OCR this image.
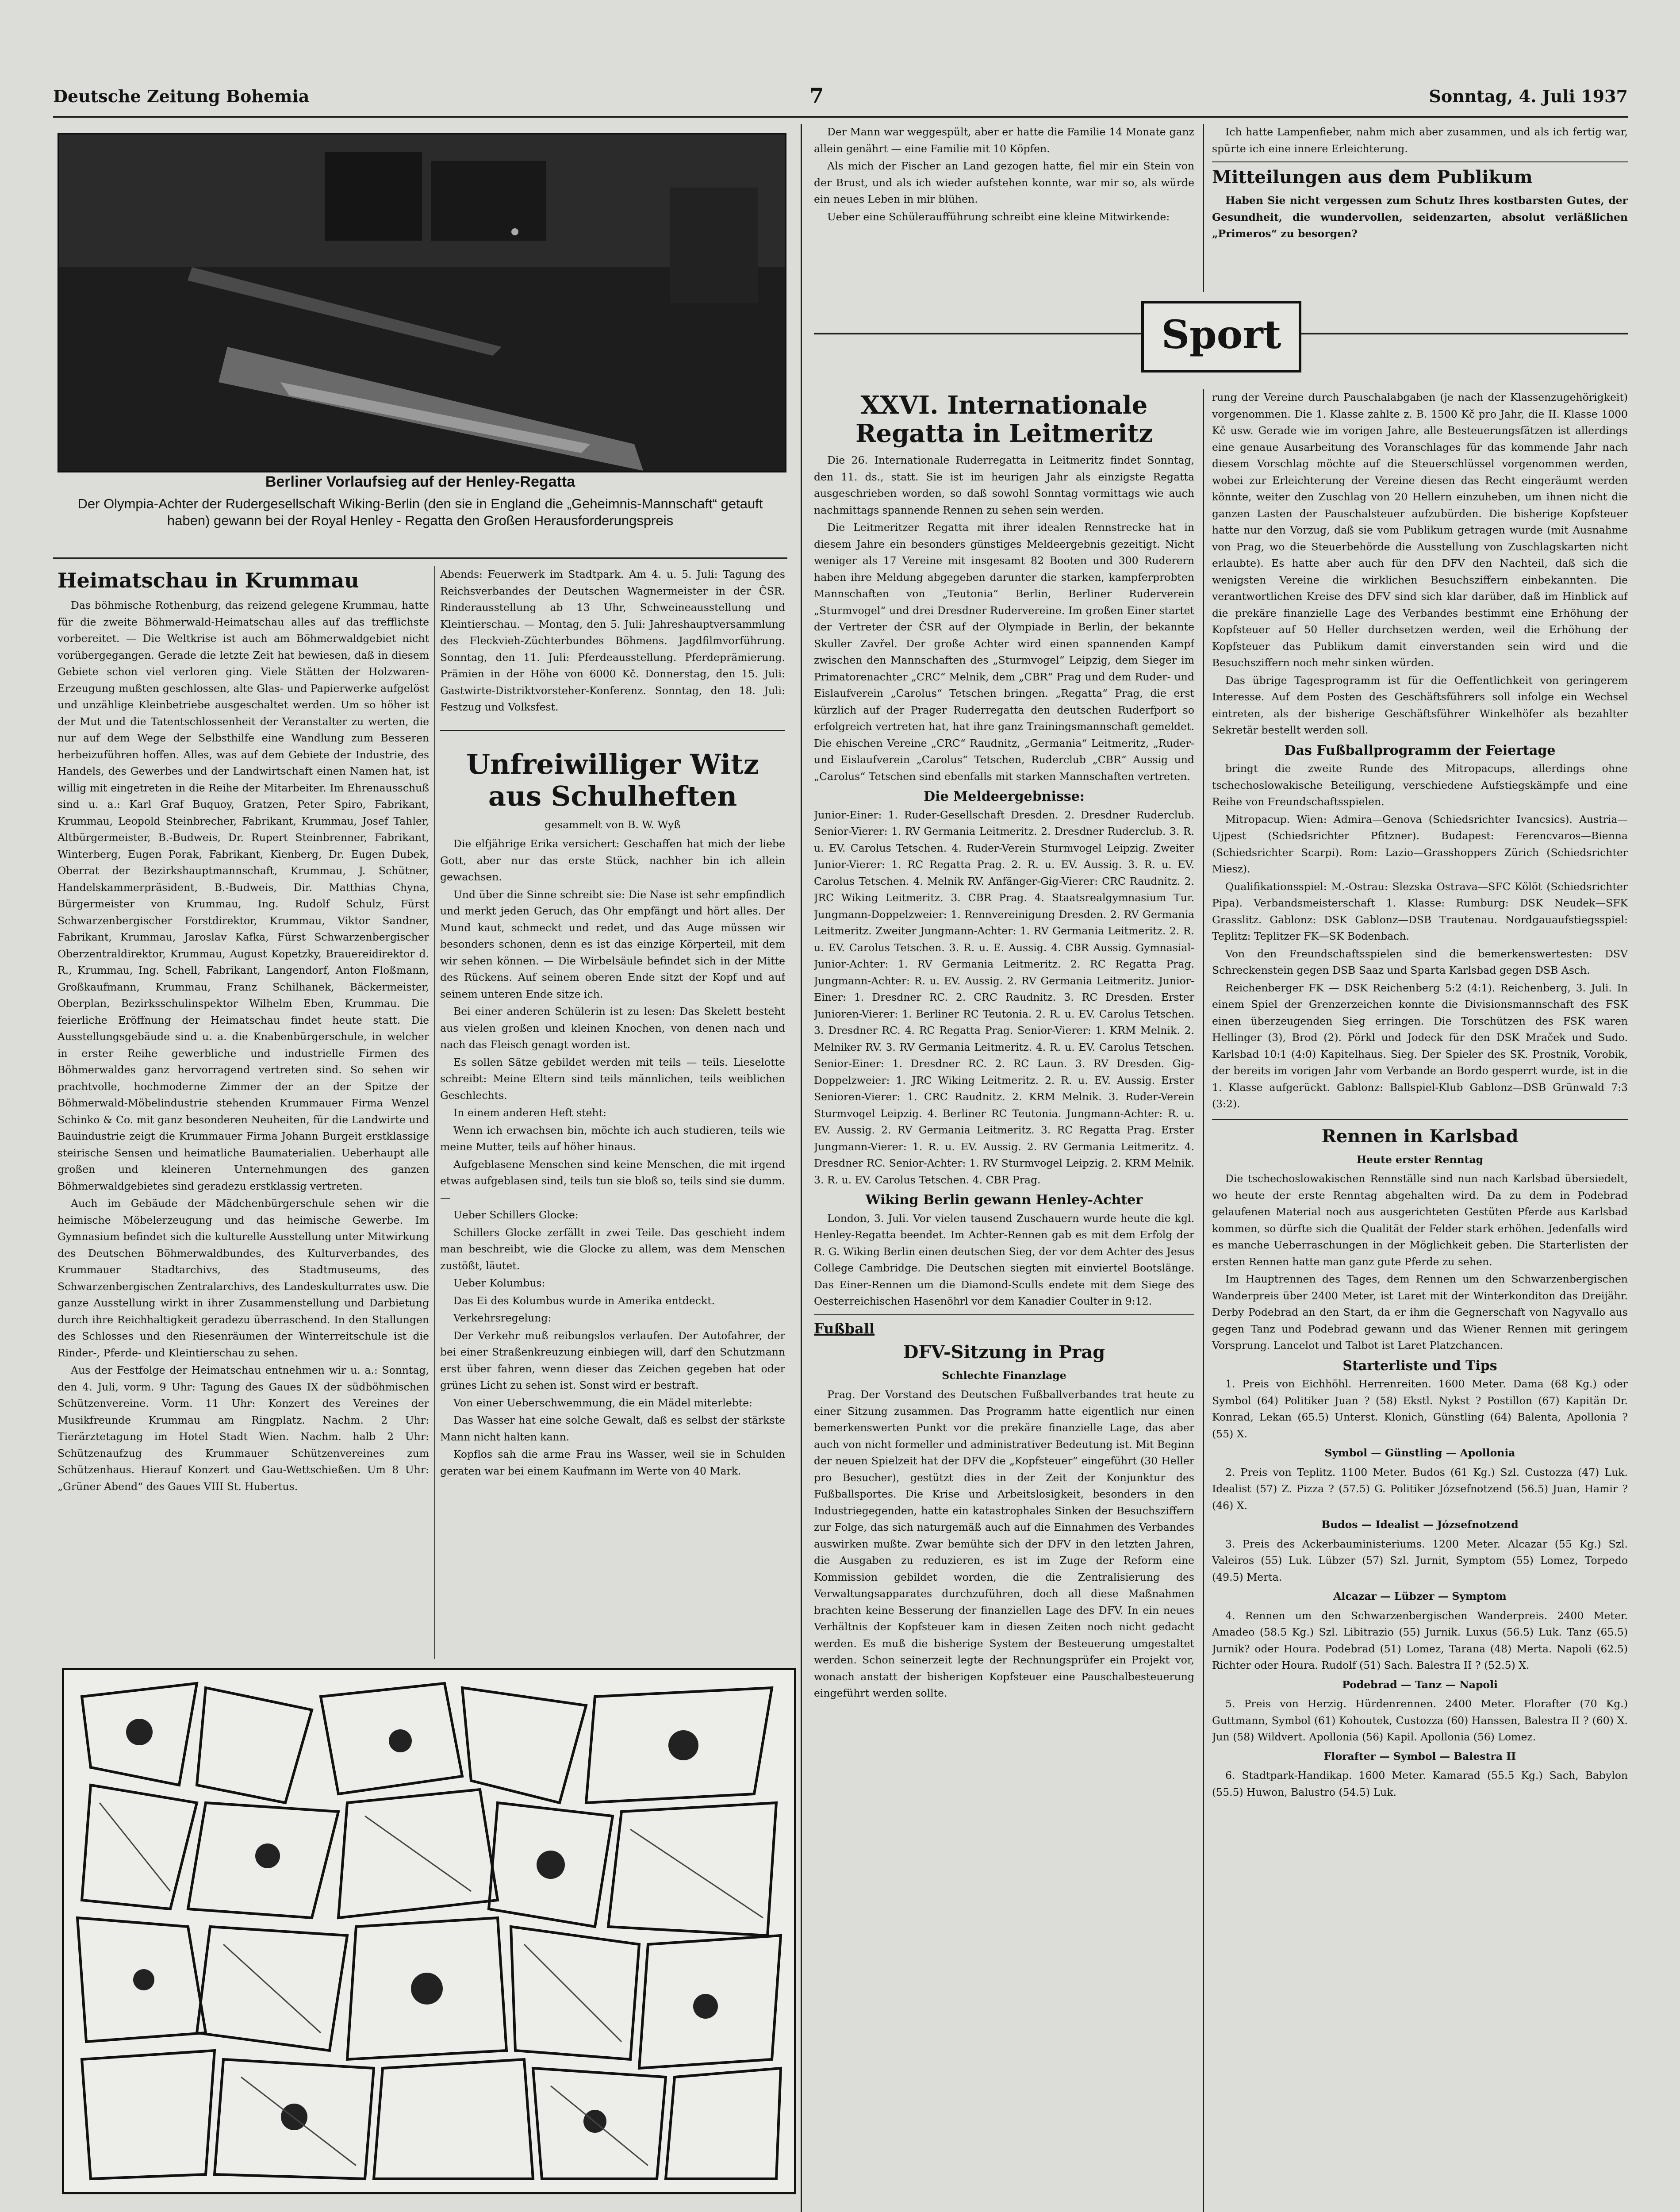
Deutsche Zeitung Bohemia	7	Sonntag, 4. Juli 1937
Berliner Vorlaufsieg auf der Henley-Regatta
Der Olympia-Achter der Rudergesellschaft Wiking-Berlin (den sie in England die „Geheimnis-Mannschaft“ getauft haben) gewann bei der Royal Henley - Regatta den Großen Herausforderungspreis
Heimatschau in Krummau

Das böhmische Rothenburg, das reizend gelegene Krummau, hatte für die zweite Böhmerwald-Heimatschau alles auf das trefflichste vorbereitet. — Die Weltkrise ist auch am Böhmerwaldgebiet nicht vorübergegangen. Gerade die letzte Zeit hat bewiesen, daß in diesem Gebiete schon viel verloren ging. Viele Stätten der Holzwaren-Erzeugung mußten geschlossen, alte Glas- und Papierwerke aufgelöst und unzählige Kleinbetriebe ausgeschaltet werden. Um so höher ist der Mut und die Tatentschlossenheit der Veranstalter zu werten, die nur auf dem Wege der Selbsthilfe eine Wandlung zum Besseren herbeizuführen hoffen. Alles, was auf dem Gebiete der Industrie, des Handels, des Gewerbes und der Landwirtschaft einen Namen hat, ist willig mit eingetreten in die Reihe der Mitarbeiter. Im Ehrenausschuß sind u. a.: Karl Graf Buquoy, Gratzen, Peter Spiro, Fabrikant, Krummau, Leopold Steinbrecher, Fabrikant, Krummau, Josef Tahler, Altbürgermeister, B.-Budweis, Dr. Rupert Steinbrenner, Fabrikant, Winterberg, Eugen Porak, Fabrikant, Kienberg, Dr. Eugen Dubek, Oberrat der Bezirkshauptmannschaft, Krummau, J. Schütner, Handelskammerpräsident, B.-Budweis, Dir. Matthias Chyna, Bürgermeister von Krummau, Ing. Rudolf Schulz, Fürst Schwarzenbergischer Forstdirektor, Krummau, Viktor Sandner, Fabrikant, Krummau, Jaroslav Kafka, Fürst Schwarzenbergischer Oberzentraldirektor, Krummau, August Kopetzky, Brauereidirektor d. R., Krummau, Ing. Schell, Fabrikant, Langendorf, Anton Floßmann, Großkaufmann, Krummau, Franz Schilhanek, Bäckermeister, Oberplan, Bezirksschulinspektor Wilhelm Eben, Krummau. Die feierliche Eröffnung der Heimatschau findet heute statt. Die Ausstellungsgebäude sind u. a. die Knabenbürgerschule, in welcher in erster Reihe gewerbliche und industrielle Firmen des Böhmerwaldes ganz hervorragend vertreten sind. So sehen wir prachtvolle, hochmoderne Zimmer der an der Spitze der Böhmerwald-Möbelindustrie stehenden Krummauer Firma Wenzel Schinko & Co. mit ganz besonderen Neuheiten, für die Landwirte und Bauindustrie zeigt die Krummauer Firma Johann Burgeit erstklassige steirische Sensen und heimatliche Baumaterialien. Ueberhaupt alle großen und kleineren Unternehmungen des ganzen Böhmerwaldgebietes sind geradezu erstklassig vertreten.

Auch im Gebäude der Mädchenbürgerschule sehen wir die heimische Möbelerzeugung und das heimische Gewerbe. Im Gymnasium befindet sich die kulturelle Ausstellung unter Mitwirkung des Deutschen Böhmerwaldbundes, des Kulturverbandes, des Krummauer Stadtarchivs, des Stadtmuseums, des Schwarzenbergischen Zentralarchivs, des Landeskulturrates usw. Die ganze Ausstellung wirkt in ihrer Zusammenstellung und Darbietung durch ihre Reichhaltigkeit geradezu überraschend. In den Stallungen des Schlosses und den Riesenräumen der Winterreitschule ist die Rinder-, Pferde- und Kleintierschau zu sehen.

Aus der Festfolge der Heimatschau entnehmen wir u. a.: Sonntag, den 4. Juli, vorm. 9 Uhr: Tagung des Gaues IX der südböhmischen Schützenvereine. Vorm. 11 Uhr: Konzert des Vereines der Musikfreunde Krummau am Ringplatz. Nachm. 2 Uhr: Tierärztetagung im Hotel Stadt Wien. Nachm. halb 2 Uhr: Schützenaufzug des Krummauer Schützenvereines zum Schützenhaus. Hierauf Konzert und Gau-Wettschießen. Um 8 Uhr: „Grüner Abend“ des Gaues VIII St. Hubertus.

Abends: Feuerwerk im Stadtpark. Am 4. u. 5. Juli: Tagung des Reichsverbandes der Deutschen Wagnermeister in der ČSR. Rinderausstellung ab 13 Uhr, Schweineausstellung und Kleintierschau. — Montag, den 5. Juli: Jahreshauptversammlung des Fleckvieh-Züchterbundes Böhmens. Jagdfilmvorführung. Sonntag, den 11. Juli: Pferdeausstellung. Pferdeprämierung. Prämien in der Höhe von 6000 Kč. Donnerstag, den 15. Juli: Gastwirte-Distriktvorsteher-Konferenz. Sonntag, den 18. Juli: Festzug und Volksfest.

Unfreiwilliger Witz aus Schulheften
gesammelt von B. W. Wyß

Die elfjährige Erika versichert: Geschaffen hat mich der liebe Gott, aber nur das erste Stück, nachher bin ich allein gewachsen.

Und über die Sinne schreibt sie: Die Nase ist sehr empfindlich und merkt jeden Geruch, das Ohr empfängt und hört alles. Der Mund kaut, schmeckt und redet, und das Auge müssen wir besonders schonen, denn es ist das einzige Körperteil, mit dem wir sehen können. — Die Wirbelsäule befindet sich in der Mitte des Rückens. Auf seinem oberen Ende sitzt der Kopf und auf seinem unteren Ende sitze ich.

Bei einer anderen Schülerin ist zu lesen: Das Skelett besteht aus vielen großen und kleinen Knochen, von denen nach und nach das Fleisch genagt worden ist.

Es sollen Sätze gebildet werden mit teils — teils. Lieselotte schreibt: Meine Eltern sind teils männlichen, teils weiblichen Geschlechts.

In einem anderen Heft steht:

Wenn ich erwachsen bin, möchte ich auch studieren, teils wie meine Mutter, teils auf höher hinaus.

Aufgeblasene Menschen sind keine Menschen, die mit irgend etwas aufgeblasen sind, teils tun sie bloß so, teils sind sie dumm. —

Ueber Schillers Glocke:

Schillers Glocke zerfällt in zwei Teile. Das geschieht indem man beschreibt, wie die Glocke zu allem, was dem Menschen zustößt, läutet.

Ueber Kolumbus:

Das Ei des Kolumbus wurde in Amerika entdeckt.

Verkehrsregelung:

Der Verkehr muß reibungslos verlaufen. Der Autofahrer, der bei einer Straßenkreuzung einbiegen will, darf den Schutzmann erst über fahren, wenn dieser das Zeichen gegeben hat oder grünes Licht zu sehen ist. Sonst wird er bestraft.

Von einer Ueberschwemmung, die ein Mädel miterlebte:

Das Wasser hat eine solche Gewalt, daß es selbst der stärkste Mann nicht halten kann.

Kopflos sah die arme Frau ins Wasser, weil sie in Schulden geraten war bei einem Kaufmann im Werte von 40 Mark.

Der Mann war weggespült, aber er hatte die Familie 14 Monate ganz allein genährt — eine Familie mit 10 Köpfen.

Als mich der Fischer an Land gezogen hatte, fiel mir ein Stein von der Brust, und als ich wieder aufstehen konnte, war mir so, als würde ein neues Leben in mir blühen.

Ueber eine Schüleraufführung schreibt eine kleine Mitwirkende:

Ich hatte Lampenfieber, nahm mich aber zusammen, und als ich fertig war, spürte ich eine innere Erleichterung.

Mitteilungen aus dem Publikum

Haben Sie nicht vergessen zum Schutz Ihres kostbarsten Gutes, der Gesundheit, die wundervollen, seidenzarten, absolut verläßlichen „Primeros“ zu besorgen?

Sport
XXVI. Internationale Regatta in Leitmeritz

Die 26. Internationale Ruderregatta in Leitmeritz findet Sonntag, den 11. ds., statt. Sie ist im heurigen Jahr als einzigste Regatta ausgeschrieben worden, so daß sowohl Sonntag vormittags wie auch nachmittags spannende Rennen zu sehen sein werden.

Die Leitmeritzer Regatta mit ihrer idealen Rennstrecke hat in diesem Jahre ein besonders günstiges Meldeergebnis gezeitigt. Nicht weniger als 17 Vereine mit insgesamt 82 Booten und 300 Ruderern haben ihre Meldung abgegeben darunter die starken, kampferprobten Mannschaften von „Teutonia“ Berlin, Berliner Ruderverein „Sturmvogel“ und drei Dresdner Rudervereine. Im großen Einer startet der Vertreter der ČSR auf der Olympiade in Berlin, der bekannte Skuller Zavřel. Der große Achter wird einen spannenden Kampf zwischen den Mannschaften des „Sturmvogel“ Leipzig, dem Sieger im Primatorenachter „CRC“ Melnik, dem „CBR“ Prag und dem Ruder- und Eislaufverein „Carolus“ Tetschen bringen. „Regatta“ Prag, die erst kürzlich auf der Prager Ruderregatta den deutschen Ruderfport so erfolgreich vertreten hat, hat ihre ganz Trainingsmannschaft gemeldet. Die ehischen Vereine „CRC“ Raudnitz, „Germania“ Leitmeritz, „Ruder- und Eislaufverein „Carolus“ Tetschen, Ruderclub „CBR“ Aussig und „Carolus“ Tetschen sind ebenfalls mit starken Mannschaften vertreten.

Die Meldeergebnisse:

Junior-Einer: 1. Ruder-Gesellschaft Dresden. 2. Dresdner Ruderclub. Senior-Vierer: 1. RV Germania Leitmeritz. 2. Dresdner Ruderclub. 3. R. u. EV. Carolus Tetschen. 4. Ruder-Verein Sturmvogel Leipzig. Zweiter Junior-Vierer: 1. RC Regatta Prag. 2. R. u. EV. Aussig. 3. R. u. EV. Carolus Tetschen. 4. Melnik RV. Anfänger-Gig-Vierer: CRC Raudnitz. 2. JRC Wiking Leitmeritz. 3. CBR Prag. 4. Staatsrealgymnasium Tur. Jungmann-Doppelzweier: 1. Rennvereinigung Dresden. 2. RV Germania Leitmeritz. Zweiter Jungmann-Achter: 1. RV Germania Leitmeritz. 2. R. u. EV. Carolus Tetschen. 3. R. u. E. Aussig. 4. CBR Aussig. Gymnasial-Junior-Achter: 1. RV Germania Leitmeritz. 2. RC Regatta Prag. Jungmann-Achter: R. u. EV. Aussig. 2. RV Germania Leitmeritz. Junior-Einer: 1. Dresdner RC. 2. CRC Raudnitz. 3. RC Dresden. Erster Junioren-Vierer: 1. Berliner RC Teutonia. 2. R. u. EV. Carolus Tetschen. 3. Dresdner RC. 4. RC Regatta Prag. Senior-Vierer: 1. KRM Melnik. 2. Melniker RV. 3. RV Germania Leitmeritz. 4. R. u. EV. Carolus Tetschen. Senior-Einer: 1. Dresdner RC. 2. RC Laun. 3. RV Dresden. Gig-Doppelzweier: 1. JRC Wiking Leitmeritz. 2. R. u. EV. Aussig. Erster Senioren-Vierer: 1. CRC Raudnitz. 2. KRM Melnik. 3. Ruder-Verein Sturmvogel Leipzig. 4. Berliner RC Teutonia. Jungmann-Achter: R. u. EV. Aussig. 2. RV Germania Leitmeritz. 3. RC Regatta Prag. Erster Jungmann-Vierer: 1. R. u. EV. Aussig. 2. RV Germania Leitmeritz. 4. Dresdner RC. Senior-Achter: 1. RV Sturmvogel Leipzig. 2. KRM Melnik. 3. R. u. EV. Carolus Tetschen. 4. CBR Prag.

Wiking Berlin gewann Henley-Achter

London, 3. Juli. Vor vielen tausend Zuschauern wurde heute die kgl. Henley-Regatta beendet. Im Achter-Rennen gab es mit dem Erfolg der R. G. Wiking Berlin einen deutschen Sieg, der vor dem Achter des Jesus College Cambridge. Die Deutschen siegten mit einviertel Bootslänge. Das Einer-Rennen um die Diamond-Sculls endete mit dem Siege des Oesterreichischen Hasenöhrl vor dem Kanadier Coulter in 9:12.

Fußball
DFV-Sitzung in Prag
Schlechte Finanzlage

Prag. Der Vorstand des Deutschen Fußballverbandes trat heute zu einer Sitzung zusammen. Das Programm hatte eigentlich nur einen bemerkenswerten Punkt vor die prekäre finanzielle Lage, das aber auch von nicht formeller und administrativer Bedeutung ist. Mit Beginn der neuen Spielzeit hat der DFV die „Kopfsteuer“ eingeführt (30 Heller pro Besucher), gestützt dies in der Zeit der Konjunktur des Fußballsportes. Die Krise und Arbeitslosigkeit, besonders in den Industriegegenden, hatte ein katastrophales Sinken der Besuchsziffern zur Folge, das sich naturgemäß auch auf die Einnahmen des Verbandes auswirken mußte. Zwar bemühte sich der DFV in den letzten Jahren, die Ausgaben zu reduzieren, es ist im Zuge der Reform eine Kommission gebildet worden, die die Zentralisierung des Verwaltungsapparates durchzuführen, doch all diese Maßnahmen brachten keine Besserung der finanziellen Lage des DFV. In ein neues Verhältnis der Kopfsteuer kam in diesen Zeiten noch nicht gedacht werden. Es muß die bisherige System der Besteuerung umgestaltet werden. Schon seinerzeit legte der Rechnungsprüfer ein Projekt vor, wonach anstatt der bisherigen Kopfsteuer eine Pauschalbesteuerung eingeführt werden sollte.

rung der Vereine durch Pauschalabgaben (je nach der Klassenzugehörigkeit) vorgenommen. Die 1. Klasse zahlte z. B. 1500 Kč pro Jahr, die II. Klasse 1000 Kč usw. Gerade wie im vorigen Jahre, alle Besteuerungsfätzen ist allerdings eine genaue Ausarbeitung des Voranschlages für das kommende Jahr nach diesem Vorschlag möchte auf die Steuerschlüssel vorgenommen werden, wobei zur Erleichterung der Vereine diesen das Recht eingeräumt werden könnte, weiter den Zuschlag von 20 Hellern einzuheben, um ihnen nicht die ganzen Lasten der Pauschalsteuer aufzubürden. Die bisherige Kopfsteuer hatte nur den Vorzug, daß sie vom Publikum getragen wurde (mit Ausnahme von Prag, wo die Steuerbehörde die Ausstellung von Zuschlagskarten nicht erlaubte). Es hatte aber auch für den DFV den Nachteil, daß sich die wenigsten Vereine die wirklichen Besuchsziffern einbekannten. Die verantwortlichen Kreise des DFV sind sich klar darüber, daß im Hinblick auf die prekäre finanzielle Lage des Verbandes bestimmt eine Erhöhung der Kopfsteuer auf 50 Heller durchsetzen werden, weil die Erhöhung der Kopfsteuer das Publikum damit einverstanden sein wird und die Besuchsziffern noch mehr sinken würden.

Das übrige Tagesprogramm ist für die Oeffentlichkeit von geringerem Interesse. Auf dem Posten des Geschäftsführers soll infolge ein Wechsel eintreten, als der bisherige Geschäftsführer Winkelhöfer als bezahlter Sekretär bestellt werden soll.

Das Fußballprogramm der Feiertage

bringt die zweite Runde des Mitropacups, allerdings ohne tschechoslowakische Beteiligung, verschiedene Aufstiegskämpfe und eine Reihe von Freundschaftsspielen.

Mitropacup. Wien: Admira—Genova (Schiedsrichter Ivancsics). Austria—Ujpest (Schiedsrichter Pfitzner). Budapest: Ferencvaros—Bienna (Schiedsrichter Scarpi). Rom: Lazio—Grasshoppers Zürich (Schiedsrichter Miesz).

Qualifikationsspiel: M.-Ostrau: Slezska Ostrava—SFC Kölöt (Schiedsrichter Pipa). Verbandsmeisterschaft 1. Klasse: Rumburg: DSK Neudek—SFK Grasslitz. Gablonz: DSK Gablonz—DSB Trautenau. Nordgauaufstiegsspiel: Teplitz: Teplitzer FK—SK Bodenbach.

Von den Freundschaftsspielen sind die bemerkenswertesten: DSV Schreckenstein gegen DSB Saaz und Sparta Karlsbad gegen DSB Asch.

Reichenberger FK — DSK Reichenberg 5:2 (4:1). Reichenberg, 3. Juli. In einem Spiel der Grenzerzeichen konnte die Divisionsmannschaft des FSK einen überzeugenden Sieg erringen. Die Torschützen des FSK waren Hellinger (3), Brod (2). Pörkl und Jodeck für den DSK Mraček und Sudo. Karlsbad 10:1 (4:0) Kapitelhaus. Sieg. Der Spieler des SK. Prostnik, Vorobik, der bereits im vorigen Jahr vom Verbande an Bordo gesperrt wurde, ist in die 1. Klasse aufgerückt. Gablonz: Ballspiel-Klub Gablonz—DSB Grünwald 7:3 (3:2).

Rennen in Karlsbad
Heute erster Renntag

Die tschechoslowakischen Rennställe sind nun nach Karlsbad übersiedelt, wo heute der erste Renntag abgehalten wird. Da zu dem in Podebrad gelaufenen Material noch aus ausgerichteten Gestüten Pferde aus Karlsbad kommen, so dürfte sich die Qualität der Felder stark erhöhen. Jedenfalls wird es manche Ueberraschungen in der Möglichkeit geben. Die Starterlisten der ersten Rennen hatte man ganz gute Pferde zu sehen.

Im Hauptrennen des Tages, dem Rennen um den Schwarzenbergischen Wanderpreis über 2400 Meter, ist Laret mit der Winterkonditon das Dreijähr. Derby Podebrad an den Start, da er ihm die Gegnerschaft von Nagyvallo aus gegen Tanz und Podebrad gewann und das Wiener Rennen mit geringem Vorsprung. Lancelot und Talbot ist Laret Platzchancen.

Starterliste und Tips

1. Preis von Eichhöhl. Herrenreiten. 1600 Meter. Dama (68 Kg.) oder Symbol (64) Politiker Juan ? (58) Ekstl. Nykst ? Postillon (67) Kapitän Dr. Konrad, Lekan (65.5) Unterst. Klonich, Günstling (64) Balenta, Apollonia ? (55) X.

Symbol — Günstling — Apollonia

2. Preis von Teplitz. 1100 Meter. Budos (61 Kg.) Szl. Custozza (47) Luk. Idealist (57) Z. Pizza ? (57.5) G. Politiker Józsefnotzend (56.5) Juan, Hamir ? (46) X.

Budos — Idealist — Józsefnotzend

3. Preis des Ackerbauministeriums. 1200 Meter. Alcazar (55 Kg.) Szl. Valeiros (55) Luk. Lübzer (57) Szl. Jurnit, Symptom (55) Lomez, Torpedo (49.5) Merta.

Alcazar — Lübzer — Symptom

4. Rennen um den Schwarzenbergischen Wanderpreis. 2400 Meter. Amadeo (58.5 Kg.) Szl. Libitrazio (55) Jurnik. Luxus (56.5) Luk. Tanz (65.5) Jurnik? oder Houra. Podebrad (51) Lomez, Tarana (48) Merta. Napoli (62.5) Richter oder Houra. Rudolf (51) Sach. Balestra II ? (52.5) X.

Podebrad — Tanz — Napoli

5. Preis von Herzig. Hürdenrennen. 2400 Meter. Florafter (70 Kg.) Guttmann, Symbol (61) Kohoutek, Custozza (60) Hanssen, Balestra II ? (60) X. Jun (58) Wildvert. Apollonia (56) Kapil. Apollonia (56) Lomez.

Florafter — Symbol — Balestra II

6. Stadtpark-Handikap. 1600 Meter. Kamarad (55.5 Kg.) Sach, Babylon (55.5) Huwon, Balustro (54.5) Luk.
